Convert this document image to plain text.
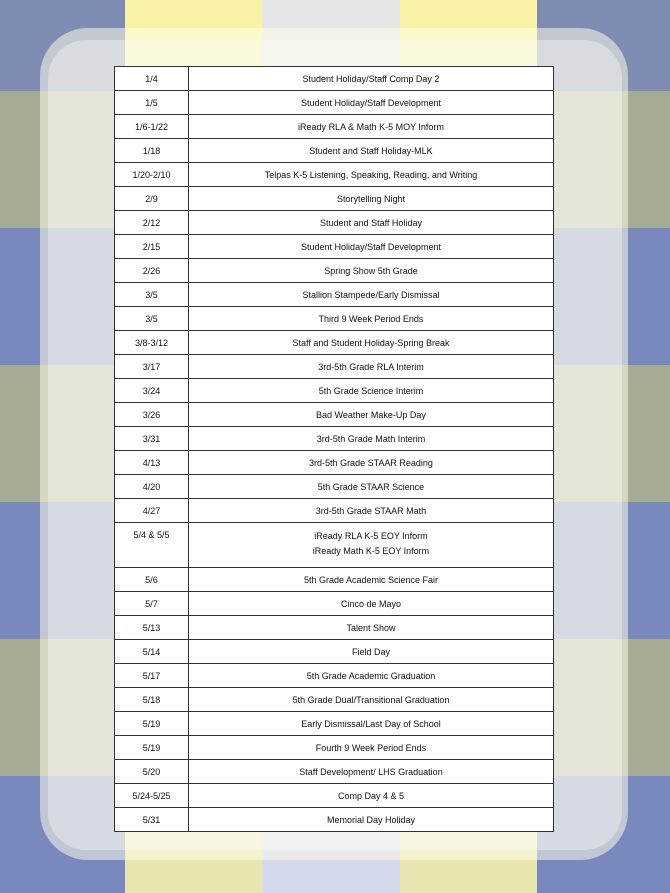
1/4	Student Holiday/Staff Comp Day 2
1/5	Student Holiday/Staff Development
1/6-1/22	iReady RLA & Math K-5 MOY Inform
1/18	Student and Staff Holiday-MLK
1/20-2/10	Telpas K-5 Listening, Speaking, Reading, and Writing
2/9	Storytelling Night
2/12	Student and Staff Holiday
2/15	Student Holiday/Staff Development
2/26	Spring Show 5th Grade
3/5	Stallion Stampede/Early Dismissal
3/5	Third 9 Week Period Ends
3/8-3/12	Staff and Student Holiday-Spring Break
3/17	3rd-5th Grade RLA Interim
3/24	5th Grade Science Interim
3/26	Bad Weather Make-Up Day
3/31	3rd-5th Grade Math Interim
4/13	3rd-5th Grade STAAR Reading
4/20	5th Grade STAAR Science
4/27	3rd-5th Grade STAAR Math
5/4 & 5/5	iReady RLA K-5 EOY Inform
iReady Math K-5 EOY Inform

5/6	5th Grade Academic Science Fair
5/7	Cinco de Mayo
5/13	Talent Show
5/14	Field Day
5/17	5th Grade Academic Graduation
5/18	5th Grade Dual/Transitional Graduation
5/19	Early Dismissal/Last Day of School
5/19	Fourth 9 Week Period Ends
5/20	Staff Development/ LHS Graduation
5/24-5/25	Comp Day 4 & 5
5/31	Memorial Day Holiday
